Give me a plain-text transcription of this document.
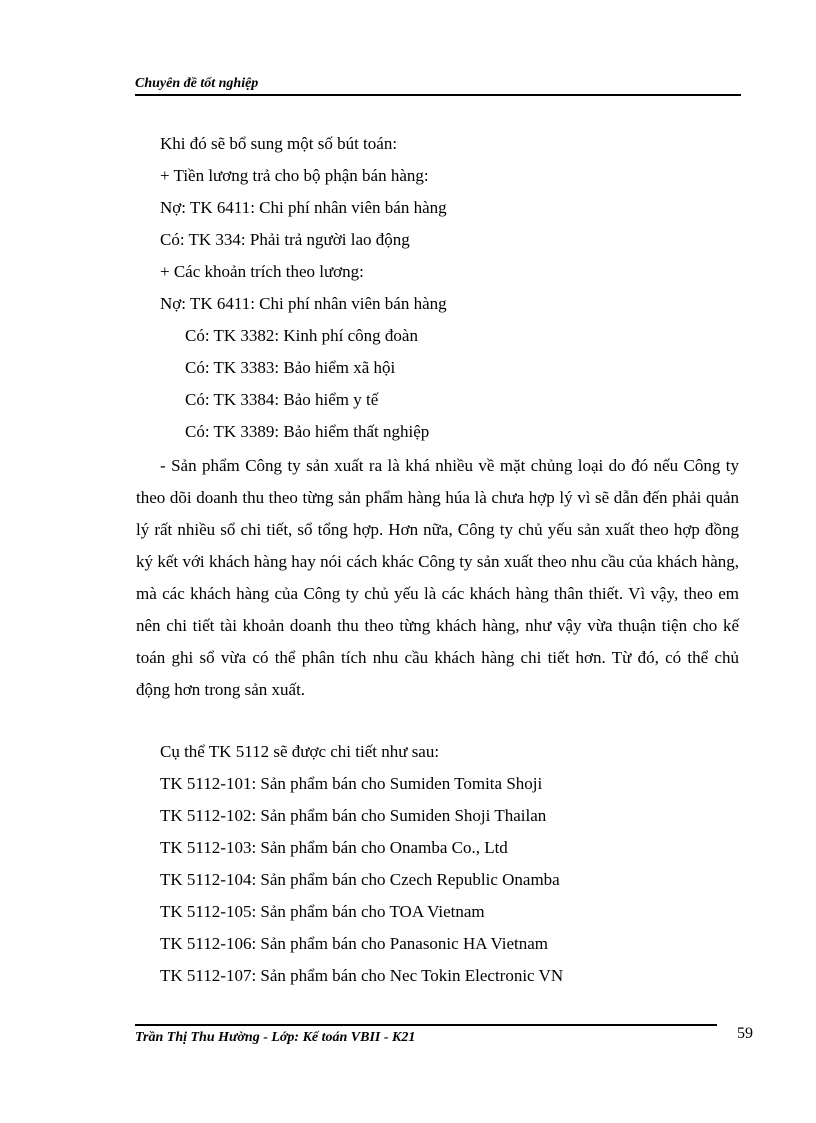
Chuyên đề tốt nghiệp
Khi đó sẽ bổ sung một số bút toán:
+ Tiền lương trả cho bộ phận bán hàng:
Nợ: TK 6411: Chi phí nhân viên bán hàng
Có: TK 334: Phải trả người lao động
+ Các khoản trích theo lương:
Nợ: TK 6411: Chi phí nhân viên bán hàng
Có: TK 3382: Kinh phí công đoàn
Có: TK 3383: Bảo hiểm xã hội
Có: TK 3384: Bảo hiểm y tế
Có: TK 3389: Bảo hiểm thất nghiệp
- Sản phẩm Công ty sản xuất ra là khá nhiều về mặt chủng loại do đó nếu Công ty theo dõi doanh thu theo từng sản phẩm hàng húa là chưa hợp lý vì sẽ dẫn đến phải quản lý rất nhiều sổ chi tiết, sổ tổng hợp. Hơn nữa, Công ty chủ yếu sản xuất theo hợp đồng ký kết với khách hàng hay nói cách khác Công ty sản xuất theo nhu cầu của khách hàng, mà các khách hàng của Công ty chủ yếu là các khách hàng thân thiết. Vì vậy, theo em nên chi tiết tài khoản doanh thu theo từng khách hàng, như vậy vừa thuận tiện cho kế toán ghi sổ vừa có thể phân tích nhu cầu khách hàng chi tiết hơn. Từ đó, có thể chủ động hơn trong sản xuất.
Cụ thể TK 5112 sẽ được chi tiết như sau:
TK 5112-101: Sản phẩm bán cho Sumiden Tomita Shoji
TK 5112-102: Sản phẩm bán cho Sumiden Shoji Thailan
TK 5112-103: Sản phẩm bán cho Onamba Co., Ltd
TK 5112-104: Sản phẩm bán cho Czech Republic Onamba
TK 5112-105: Sản phẩm bán cho TOA Vietnam
TK 5112-106: Sản phẩm bán cho Panasonic HA Vietnam
TK 5112-107: Sản phẩm bán cho Nec Tokin Electronic VN
Trần Thị Thu Hường - Lớp: Kế toán VBII - K21	59
